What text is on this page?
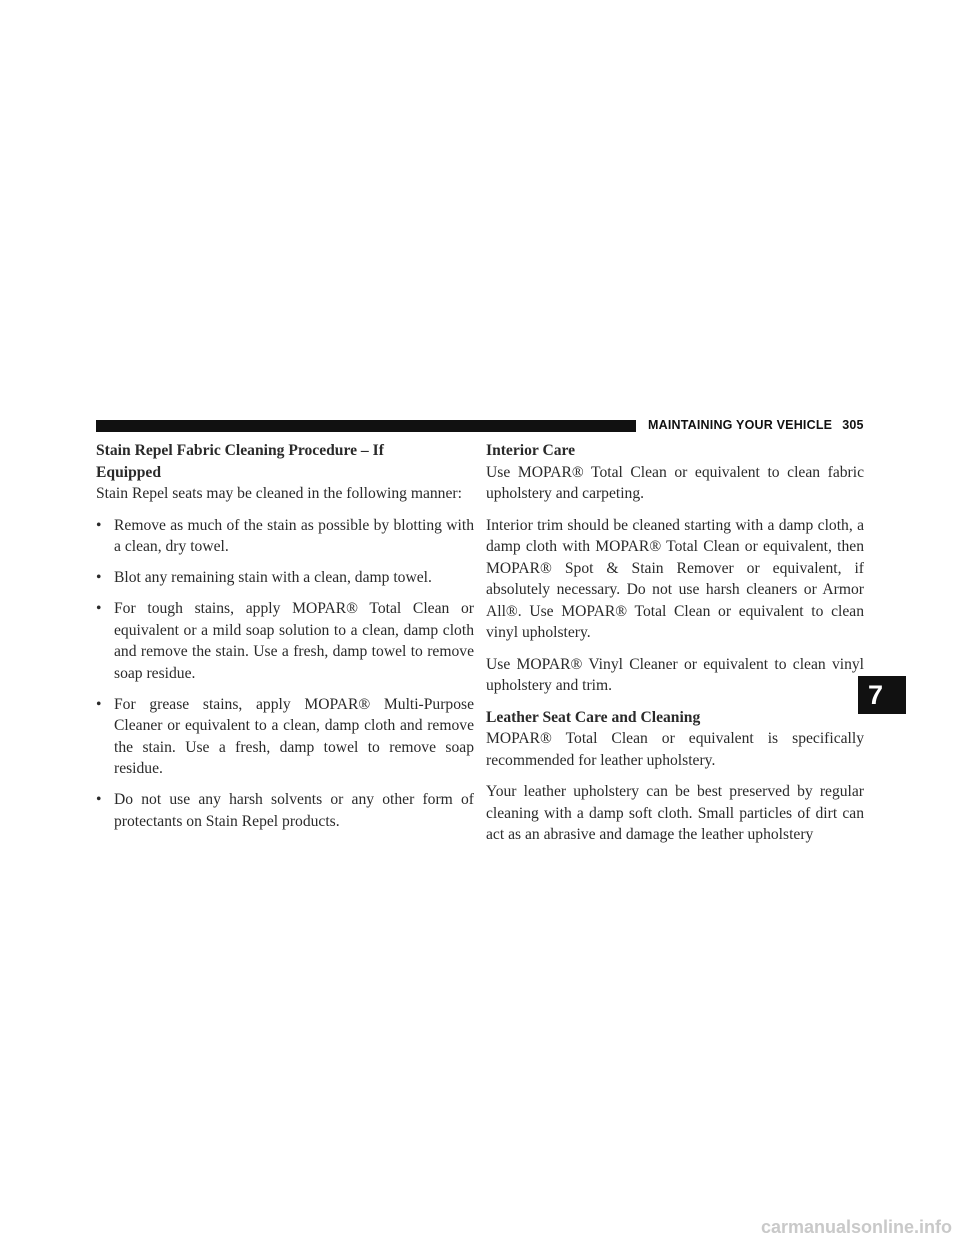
MAINTAINING YOUR VEHICLE 305
Stain Repel Fabric Cleaning Procedure – If
Equipped

Stain Repel seats may be cleaned in the following manner:

• Remove as much of the stain as possible by blotting with a clean, dry towel.
• Blot any remaining stain with a clean, damp towel.
• For tough stains, apply MOPAR® Total Clean or equivalent or a mild soap solution to a clean, damp cloth and remove the stain. Use a fresh, damp towel to remove soap residue.
• For grease stains, apply MOPAR® Multi-Purpose Cleaner or equivalent to a clean, damp cloth and remove the stain. Use a fresh, damp towel to remove soap residue.
• Do not use any harsh solvents or any other form of protectants on Stain Repel products.
Interior Care

Use MOPAR® Total Clean or equivalent to clean fabric upholstery and carpeting.

Interior trim should be cleaned starting with a damp cloth, a damp cloth with MOPAR® Total Clean or equivalent, then MOPAR® Spot & Stain Remover or equivalent, if absolutely necessary. Do not use harsh cleaners or Armor All®. Use MOPAR® Total Clean or equivalent to clean vinyl upholstery.

Use MOPAR® Vinyl Cleaner or equivalent to clean vinyl upholstery and trim.

Leather Seat Care and Cleaning

MOPAR® Total Clean or equivalent is specifically recommended for leather upholstery.

Your leather upholstery can be best preserved by regular cleaning with a damp soft cloth. Small particles of dirt can act as an abrasive and damage the leather upholstery

7
carmanualsonline.info
